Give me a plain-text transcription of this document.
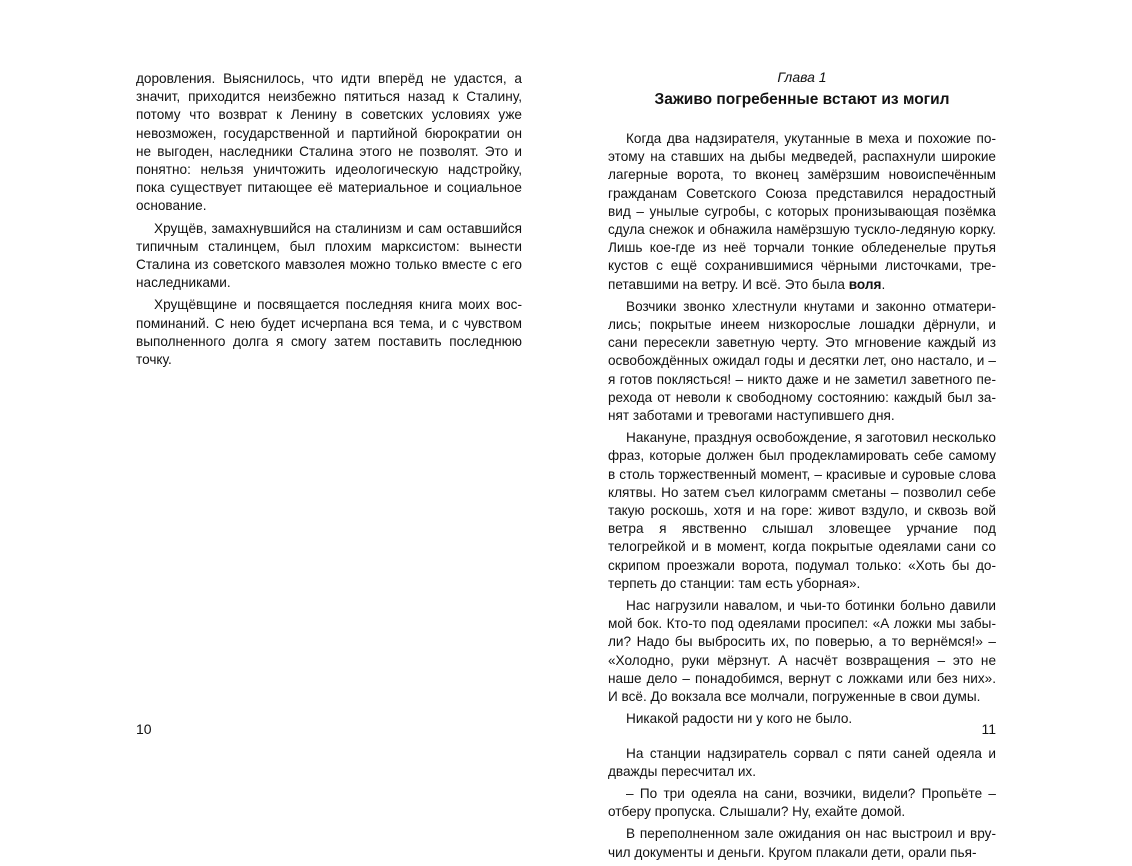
доровления. Выяснилось, что идти вперёд не удастся, а значит, приходится неизбежно пятиться назад к Сталину, потому что возврат к Ленину в советских условиях уже невозможен, государственной и партийной бюрократии он не выгоден, наследники Сталина этого не позволят. Это и понятно: нельзя уничтожить идеологическую надстройку, пока существует питающее её материальное и социальное основание.

Хрущёв, замахнувшийся на сталинизм и сам оставшийся типичным сталинцем, был плохим марксистом: вынести Сталина из советского мавзолея можно только вместе с его наследниками.

Хрущёвщине и посвящается последняя книга моих воспоминаний. С нею будет исчерпана вся тема, и с чувством выполненного долга я смогу затем поставить последнюю точку.

10
Глава 1
Заживо погребенные встают из могил

Когда два надзирателя, укутанные в меха и похожие поэтому на ставших на дыбы медведей, распахнули широкие лагерные ворота, то вконец замёрзшим новоиспечённым гражданам Советского Союза представился нерадостный вид – унылые сугробы, с которых пронизывающая позёмка сдула снежок и обнажила намёрзшую тускло-ледяную корку. Лишь кое-где из неё торчали тонкие обледенелые прутья кустов с ещё сохранившимися чёрными листочками, трепетавшими на ветру. И всё. Это была воля.

Возчики звонко хлестнули кнутами и законно отматерились; покрытые инеем низкорослые лошадки дёрнули, и сани пересекли заветную черту. Это мгновение каждый из освобождённых ожидал годы и десятки лет, оно настало, и – я готов поклясться! – никто даже и не заметил заветного перехода от неволи к свободному состоянию: каждый был занят заботами и тревогами наступившего дня.

Накануне, празднуя освобождение, я заготовил несколько фраз, которые должен был продекламировать себе самому в столь торжественный момент, – красивые и суровые слова клятвы. Но затем съел килограмм сметаны – позволил себе такую роскошь, хотя и на горе: живот вздуло, и сквозь вой ветра я явственно слышал зловещее урчание под телогрейкой и в момент, когда покрытые одеялами сани со скрипом проезжали ворота, подумал только: «Хоть бы дотерпеть до станции: там есть уборная».

Нас нагрузили навалом, и чьи-то ботинки больно давили мой бок. Кто-то под одеялами просипел: «А ложки мы забыли? Надо бы выбросить их, по поверью, а то вернёмся!» – «Холодно, руки мёрзнут. А насчёт возвращения – это не наше дело – понадобимся, вернут с ложками или без них». И всё. До вокзала все молчали, погруженные в свои думы.

Никакой радости ни у кого не было.

На станции надзиратель сорвал с пяти саней одеяла и дважды пересчитал их.

– По три одеяла на сани, возчики, видели? Пропьёте – отберу пропуска. Слышали? Ну, ехайте домой.

В переполненном зале ожидания он нас выстроил и вручил документы и деньги. Кругом плакали дети, орали пья-

11
